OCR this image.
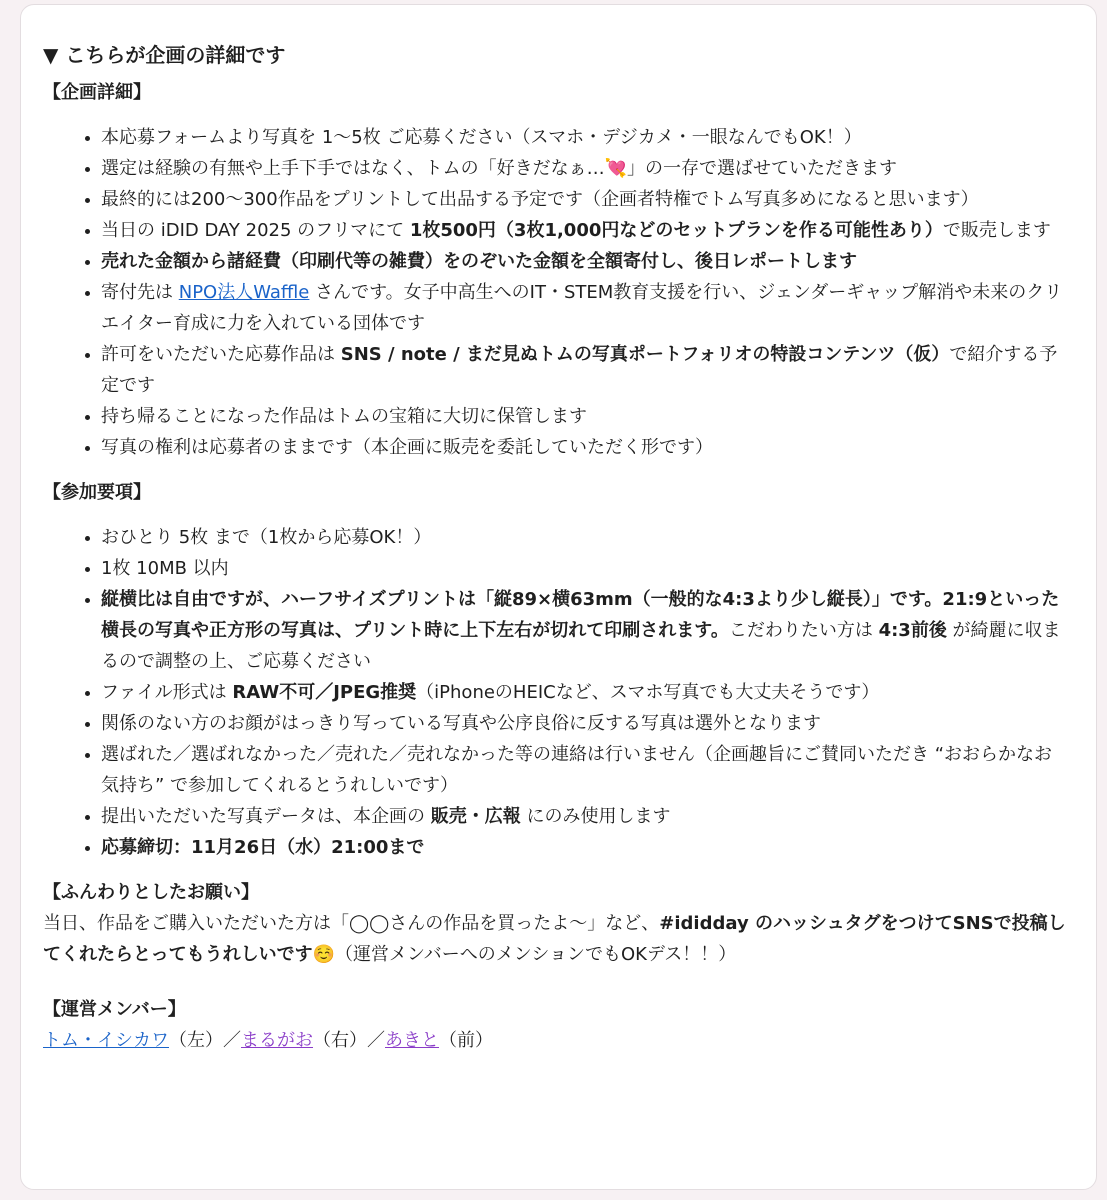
▼ こちらが企画の詳細です
【企画詳細】
• 本応募フォームより写真を 1〜5枚 ご応募ください（スマホ・デジカメ・一眼なんでもOK！）
• 選定は経験の有無や上手下手ではなく、トムの「好きだなぁ…💘」の一存で選ばせていただきます
• 最終的には200〜300作品をプリントして出品する予定です（企画者特権でトム写真多めになると思います）
• 当日の iDID DAY 2025 のフリマにて 1枚500円（3枚1,000円などのセットプランを作る可能性あり）で販売します
• 売れた金額から諸経費（印刷代等の雑費）をのぞいた金額を全額寄付し、後日レポートします
• 寄付先は NPO法人Waffle さんです。女子中高生へのIT・STEM教育支援を行い、ジェンダーギャップ解消や未来のクリエイター育成に力を入れている団体です
• 許可をいただいた応募作品は SNS / note / まだ見ぬトムの写真ポートフォリオの特設コンテンツ（仮）で紹介する予定です
• 持ち帰ることになった作品はトムの宝箱に大切に保管します
• 写真の権利は応募者のままです（本企画に販売を委託していただく形です）
【参加要項】
• おひとり 5枚 まで（1枚から応募OK！）
• 1枚 10MB 以内
• 縦横比は自由ですが、ハーフサイズプリントは「縦89×横63mm（一般的な4:3より少し縦長）」です。21:9といった横長の写真や正方形の写真は、プリント時に上下左右が切れて印刷されます。こだわりたい方は 4:3前後 が綺麗に収まるので調整の上、ご応募ください
• ファイル形式は RAW不可／JPEG推奨（iPhoneのHEICなど、スマホ写真でも大丈夫そうです）
• 関係のない方のお顔がはっきり写っている写真や公序良俗に反する写真は選外となります
• 選ばれた／選ばれなかった／売れた／売れなかった等の連絡は行いません（企画趣旨にご賛同いただき “おおらかなお気持ち” で参加してくれるとうれしいです）
• 提出いただいた写真データは、本企画の 販売・広報 にのみ使用します
• 応募締切：11月26日（水）21:00まで
【ふんわりとしたお願い】

当日、作品をご購入いただいた方は「◯◯さんの作品を買ったよ〜」など、#ididday のハッシュタグをつけてSNSで投稿してくれたらとってもうれしいです☺️（運営メンバーへのメンションでもOKデス！！）

【運営メンバー】

トム・イシカワ（左）／まるがお（右）／あきと（前）
